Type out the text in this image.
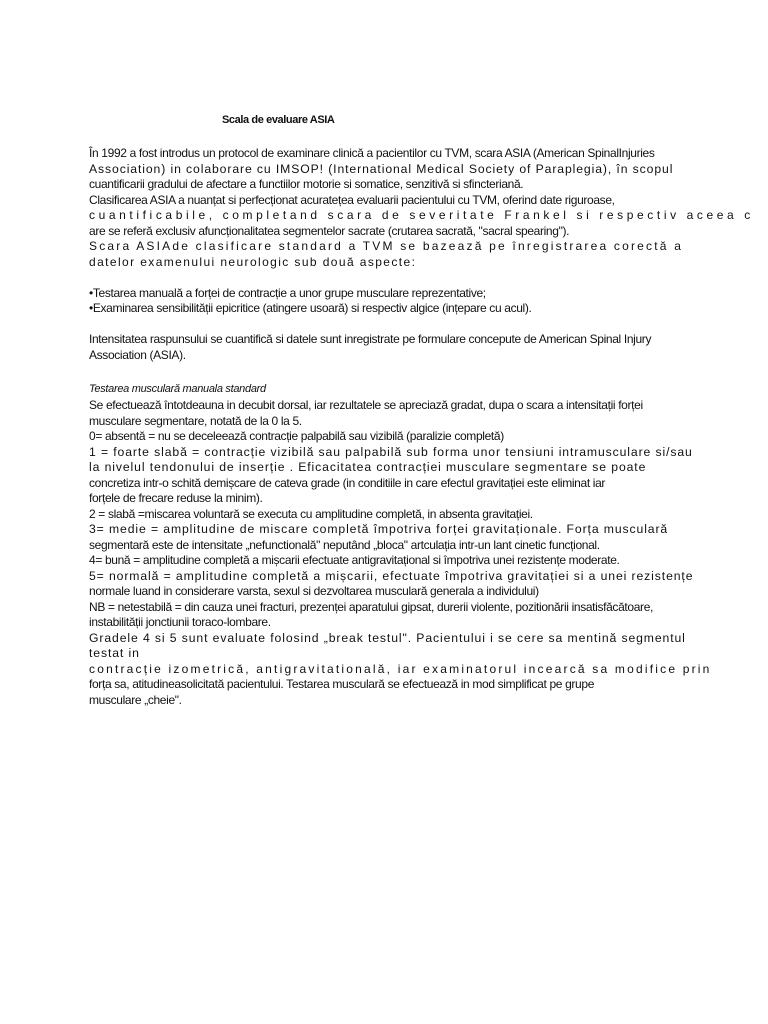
Scala de evaluare ASIA
În 1992 a fost introdus un protocol de examinare clinică a pacientilor cu TVM, scara ASIA (American SpinalInjuries
Association) in colaborare cu IMSOP! (International Medical Society of Paraplegia), în scopul
cuantificarii gradului de afectare a functiilor motorie si somatice, senzitivă si sfincteriană.
Clasificarea ASIA a nuanțat si perfecționat acuratețea evaluarii pacientului cu TVM, oferind date riguroase,
cuantificabile, completand scara de severitate Frankel si respectiv aceea c
are se referă exclusiv afuncționalitatea segmentelor sacrate (crutarea sacrată, "sacral spearing").
Scara ASIAde clasificare standard a TVM se bazează pe înregistrarea corectă a
datelor examenului neurologic sub două aspecte:
•Testarea manuală a forței de contracție a unor grupe musculare reprezentative;
•Examinarea sensibilității epicritice (atingere usoară) si respectiv algice (ințepare cu acul).
Intensitatea raspunsului se cuantifică si datele sunt inregistrate pe formulare concepute de American Spinal Injury
Association (ASIA).
Testarea musculară manuala standard
Se efectuează întotdeauna in decubit dorsal, iar rezultatele se apreciază gradat, dupa o scara a intensitații forței
musculare segmentare, notată de la 0 la 5.
0= absentă = nu se deceleează contracție palpabilă sau vizibilă (paralizie completă)
1 = foarte slabă = contracție vizibilă sau palpabilă sub forma unor tensiuni intramusculare si/sau
la nivelul tendonului de inserție . Eficacitatea contracției musculare segmentare se poate
concretiza intr-o schită demișcare de cateva grade (in conditiile in care efectul gravitației este eliminat iar
forțele de frecare reduse la minim).
2 = slabă =miscarea voluntară se executa cu amplitudine completă, in absenta gravitației.
3= medie = amplitudine de miscare completă împotriva forței gravitaționale. Forța musculară
segmentară este de intensitate „nefunctională" neputând „bloca" artculația intr-un lant cinetic funcțional.
4= bună = amplitudine completă a mișcarii efectuate antigravitațional si împotriva unei rezistențe moderate.
5= normală = amplitudine completă a mișcarii, efectuate împotriva gravitației si a unei rezistențe
normale luand in considerare varsta, sexul si dezvoltarea musculară generala a individului)
NB = netestabilă = din cauza unei fracturi, prezenței aparatului gipsat, durerii violente, pozitionării insatisfăcătoare,
instabilității jonctiunii toraco-lombare.
Gradele 4 si 5 sunt evaluate folosind „break testul". Pacientului i se cere sa mentină segmentul
testat in
contracție izometrică, antigravitatională, iar examinatorul incearcă sa modifice prin
forța sa, atitudineasolicitată pacientului. Testarea musculară se efectuează in mod simplificat pe grupe
musculare „cheie".
